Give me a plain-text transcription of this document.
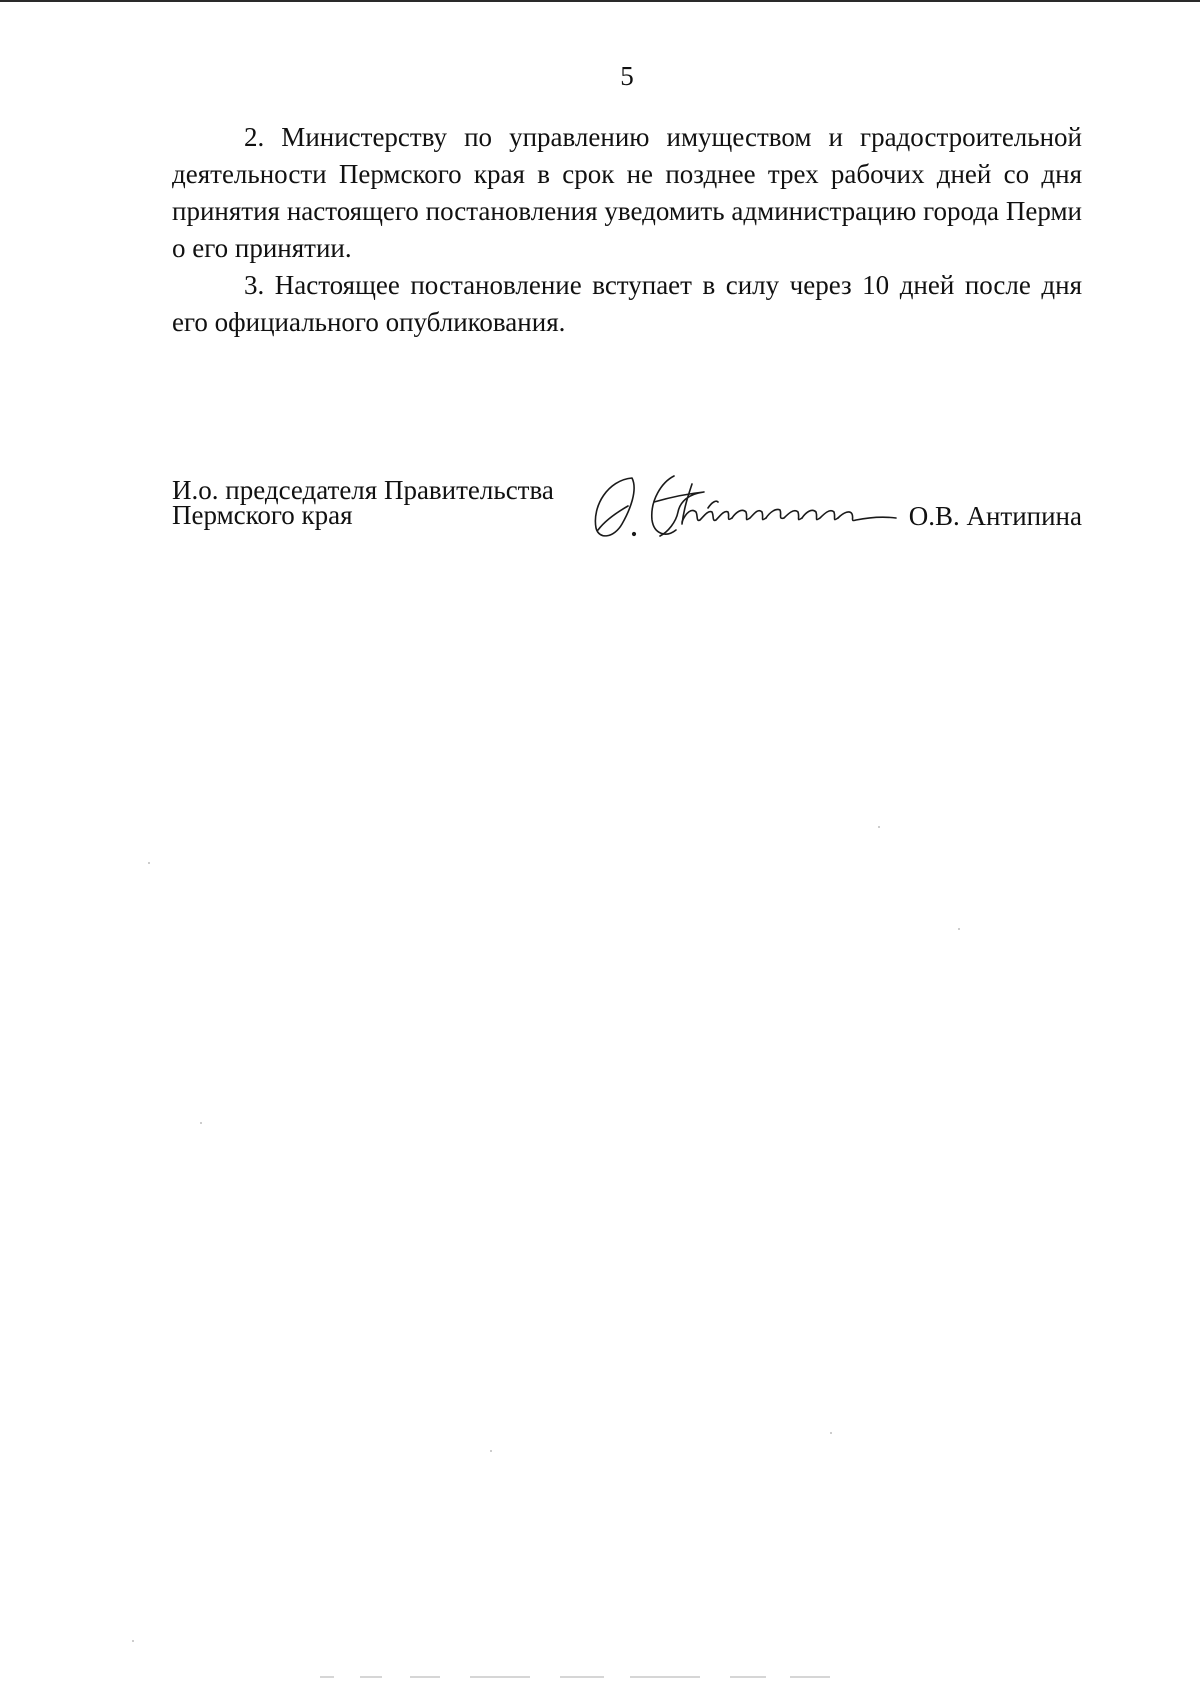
5

2. Министерству по управлению имуществом и градостроительной деятельности Пермского края в срок не позднее трех рабочих дней со дня принятия настоящего постановления уведомить администрацию города Перми о его принятии.

3. Настоящее постановление вступает в силу через 10 дней после дня его официального опубликования.

И.о. председателя Правительства
Пермского края	О.В. Антипина
